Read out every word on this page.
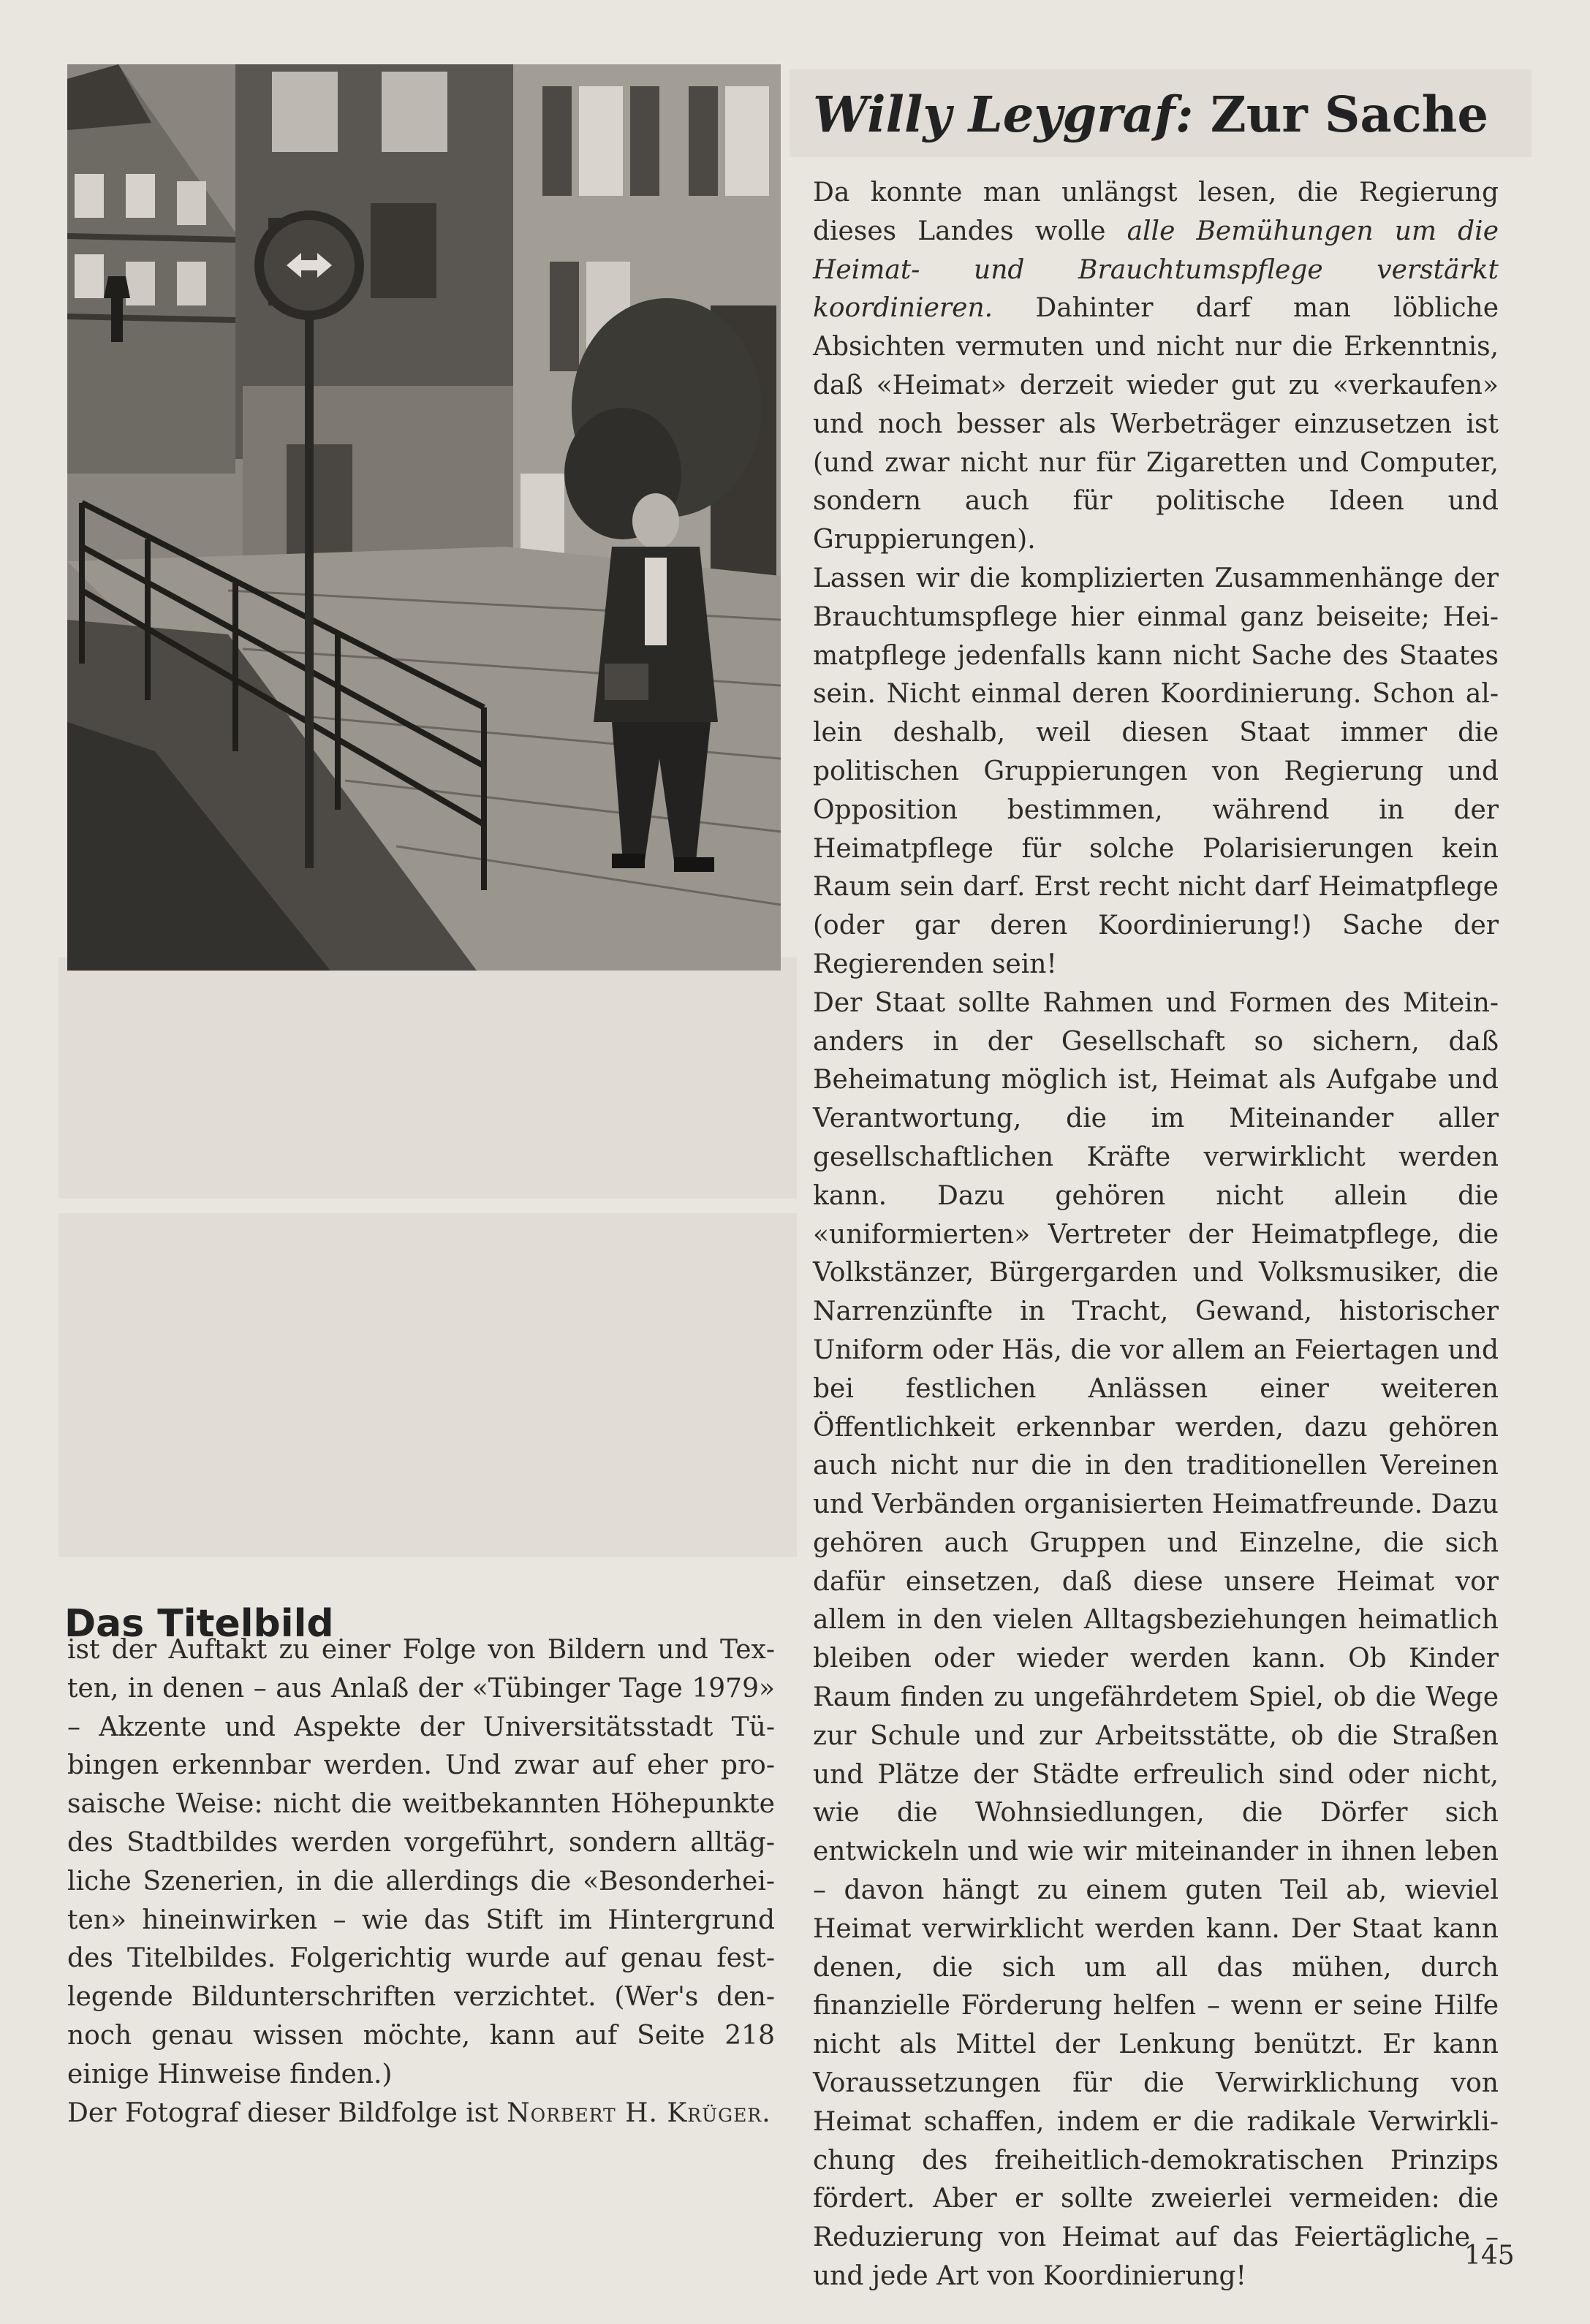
Willy Leygraf: Zur Sache

Da konnte man unlängst lesen, die Regierung dieses Landes wolle alle Bemühungen um die Heimat- und Brauchtumspflege verstärkt koordinieren. Dahinter darf man löbliche Absichten vermuten und nicht nur die Erkenntnis, daß «Heimat» derzeit wieder gut zu «verkaufen» und noch besser als Werbeträger einzusetzen ist (und zwar nicht nur für Zigaretten und Computer, sondern auch für politische Ideen und Gruppierungen).

Lassen wir die komplizierten Zusammenhänge der Brauchtumspflege hier einmal ganz beiseite; Heimatpflege jedenfalls kann nicht Sache des Staates sein. Nicht einmal deren Koordinierung. Schon allein deshalb, weil diesen Staat immer die politischen Gruppierungen von Regierung und Opposition bestimmen, während in der Heimatpflege für solche Polarisierungen kein Raum sein darf. Erst recht nicht darf Heimatpflege (oder gar deren Koordinierung!) Sache der Regierenden sein!

Der Staat sollte Rahmen und Formen des Miteinanders in der Gesellschaft so sichern, daß Beheimatung möglich ist, Heimat als Aufgabe und Verantwortung, die im Miteinander aller gesellschaftlichen Kräfte verwirklicht werden kann. Dazu gehören nicht allein die «uniformierten» Vertreter der Heimatpflege, die Volkstänzer, Bürgergarden und Volksmusiker, die Narrenzünfte in Tracht, Gewand, historischer Uniform oder Häs, die vor allem an Feiertagen und bei festlichen Anlässen einer weiteren Öffentlichkeit erkennbar werden, dazu gehören auch nicht nur die in den traditionellen Vereinen und Verbänden organisierten Heimatfreunde. Dazu gehören auch Gruppen und Einzelne, die sich dafür einsetzen, daß diese unsere Heimat vor allem in den vielen Alltagsbeziehungen heimatlich bleiben oder wieder werden kann. Ob Kinder Raum finden zu ungefährdetem Spiel, ob die Wege zur Schule und zur Arbeitsstätte, ob die Straßen und Plätze der Städte erfreulich sind oder nicht, wie die Wohnsiedlungen, die Dörfer sich entwickeln und wie wir miteinander in ihnen leben – davon hängt zu einem guten Teil ab, wieviel Heimat verwirklicht werden kann. Der Staat kann denen, die sich um all das mühen, durch finanzielle Förderung helfen – wenn er seine Hilfe nicht als Mittel der Lenkung benützt. Er kann Voraussetzungen für die Verwirklichung von Heimat schaffen, indem er die radikale Verwirklichung des freiheitlich-demokratischen Prinzips fördert. Aber er sollte zweierlei vermeiden: die Reduzierung von Heimat auf das Feiertägliche – und jede Art von Koordinierung!

Das Titelbild

ist der Auftakt zu einer Folge von Bildern und Texten, in denen – aus Anlaß der «Tübinger Tage 1979» – Akzente und Aspekte der Universitätsstadt Tübingen erkennbar werden. Und zwar auf eher prosaische Weise: nicht die weitbekannten Höhepunkte des Stadtbildes werden vorgeführt, sondern alltägliche Szenerien, in die allerdings die «Besonderheiten» hineinwirken – wie das Stift im Hintergrund des Titelbildes. Folgerichtig wurde auf genau festlegende Bildunterschriften verzichtet. (Wer's dennoch genau wissen möchte, kann auf Seite 218 einige Hinweise finden.)

Der Fotograf dieser Bildfolge ist Norbert H. Krüger.

145
